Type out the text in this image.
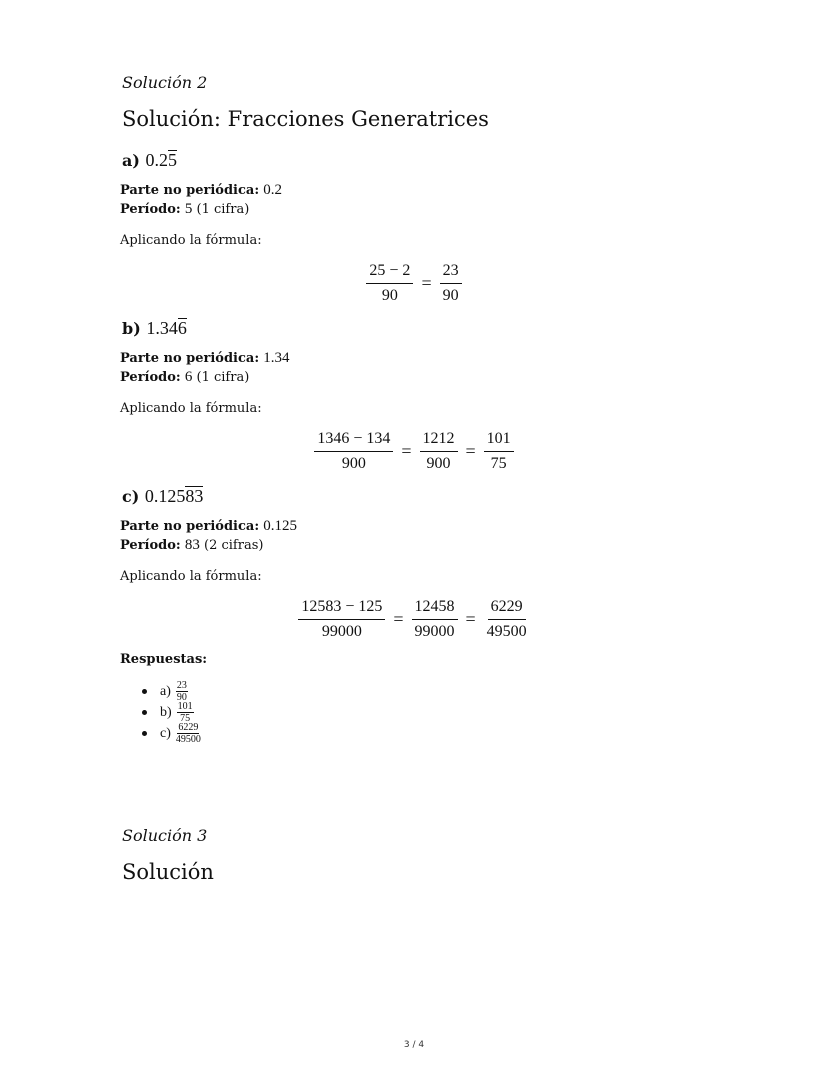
Solución 2
Solución: Fracciones Generatrices
a) 0.25
Parte no periódica: 0.2
Período: 5 (1 cifra)
Aplicando la fórmula:
$\frac{25 - 2}{90} = \frac{23}{90}$
b) 1.346
Parte no periódica: 1.34
Período: 6 (1 cifra)
Aplicando la fórmula:
$\frac{1346 - 134}{900} = \frac{1212}{900} = \frac{101}{75}$
c) 0.12583
Parte no periódica: 0.125
Período: 83 (2 cifras)
Aplicando la fórmula:
$\frac{12583 - 125}{99000} = \frac{12458}{99000} = \frac{6229}{49500}$
Respuestas:
$a) \frac{23}{90}$
$b) \frac{101}{75}$
$c) \frac{6229}{49500}$
Solución 3
Solución
3 / 4
